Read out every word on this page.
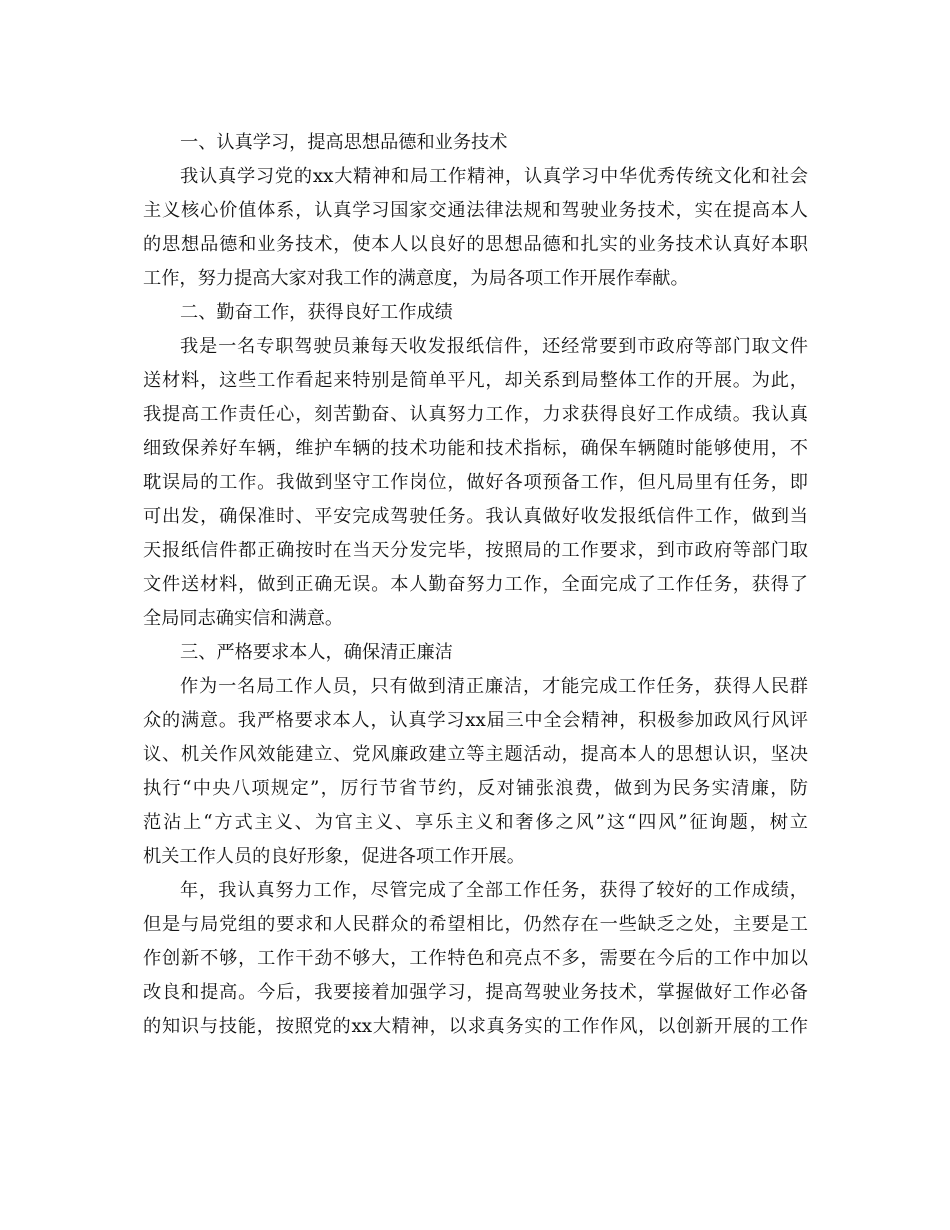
一、认真学习，提高思想品德和业务技术
我认真学习党的xx大精神和局工作精神，认真学习中华优秀传统文化和社会
主义核心价值体系，认真学习国家交通法律法规和驾驶业务技术，实在提高本人
的思想品德和业务技术，使本人以良好的思想品德和扎实的业务技术认真好本职
工作，努力提高大家对我工作的满意度，为局各项工作开展作奉献。
二、勤奋工作，获得良好工作成绩
我是一名专职驾驶员兼每天收发报纸信件，还经常要到市政府等部门取文件
送材料，这些工作看起来特别是简单平凡，却关系到局整体工作的开展。为此，
我提高工作责任心，刻苦勤奋、认真努力工作，力求获得良好工作成绩。我认真
细致保养好车辆，维护车辆的技术功能和技术指标，确保车辆随时能够使用，不
耽误局的工作。我做到坚守工作岗位，做好各项预备工作，但凡局里有任务，即
可出发，确保准时、平安完成驾驶任务。我认真做好收发报纸信件工作，做到当
天报纸信件都正确按时在当天分发完毕，按照局的工作要求，到市政府等部门取
文件送材料，做到正确无误。本人勤奋努力工作，全面完成了工作任务，获得了
全局同志确实信和满意。
三、严格要求本人，确保清正廉洁
作为一名局工作人员，只有做到清正廉洁，才能完成工作任务，获得人民群
众的满意。我严格要求本人，认真学习xx届三中全会精神，积极参加政风行风评
议、机关作风效能建立、党风廉政建立等主题活动，提高本人的思想认识，坚决
执行“中央八项规定”，厉行节省节约，反对铺张浪费，做到为民务实清廉，防
范沾上“方式主义、为官主义、享乐主义和奢侈之风”这“四风”征询题，树立
机关工作人员的良好形象，促进各项工作开展。
年，我认真努力工作，尽管完成了全部工作任务，获得了较好的工作成绩，
但是与局党组的要求和人民群众的希望相比，仍然存在一些缺乏之处，主要是工
作创新不够，工作干劲不够大，工作特色和亮点不多，需要在今后的工作中加以
改良和提高。今后，我要接着加强学习，提高驾驶业务技术，掌握做好工作必备
的知识与技能，按照党的xx大精神，以求真务实的工作作风，以创新开展的工作
